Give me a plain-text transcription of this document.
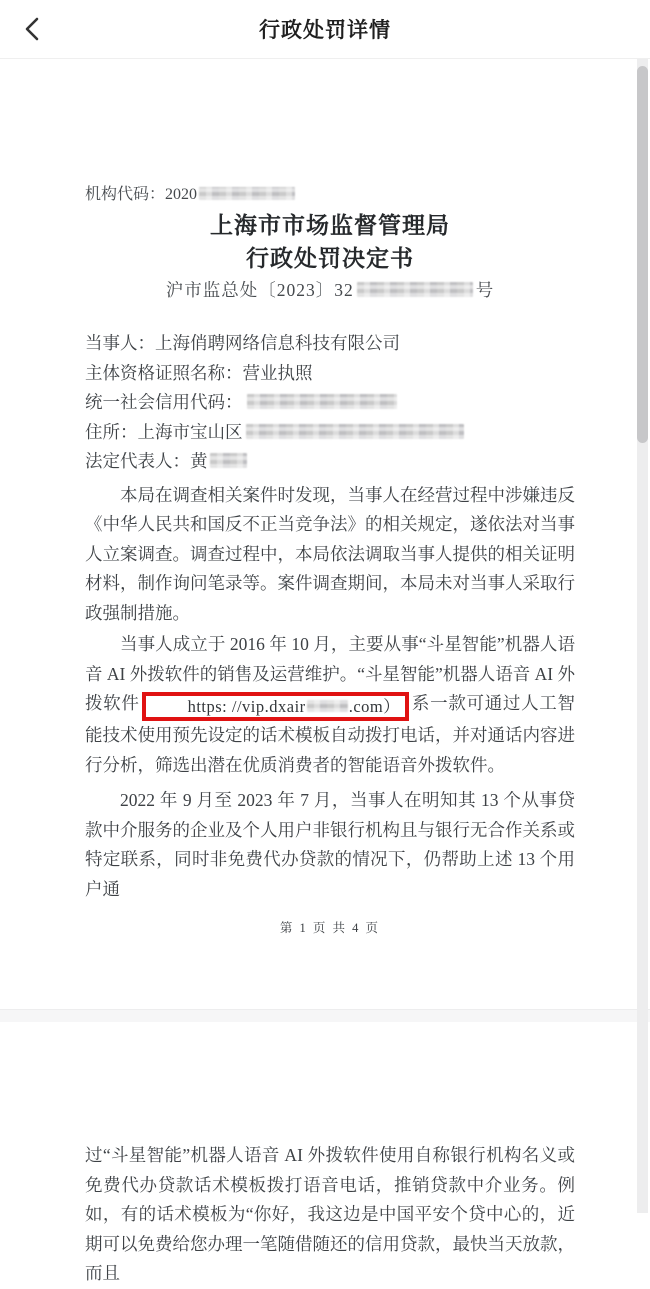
行政处罚详情
机构代码：2020
上海市市场监督管理局
行政处罚决定书
沪市监总处〔2023〕32	号
当事人：上海俏聘网络信息科技有限公司
主体资格证照名称：营业执照
统一社会信用代码：
住所：上海市宝山区
法定代表人：黄

本局在调查相关案件时发现，当事人在经营过程中涉嫌违反《中华人民共和国反不正当竞争法》的相关规定，遂依法对当事人立案调查。调查过程中，本局依法调取当事人提供的相关证明材料，制作询问笔录等。案件调查期间，本局未对当事人采取行政强制措施。

当事人成立于 2016 年 10 月，主要从事“斗星智能”机器人语音 AI 外拨软件的销售及运营维护。“斗星智能”机器人语音 AI 外拨软件	https: //vip.dxair	.com） 系一款可通过人工智能技术使用预先设定的话术模板自动拨打电话，并对通话内容进行分析，筛选出潜在优质消费者的智能语音外拨软件。

2022 年 9 月至 2023 年 7 月，当事人在明知其 13 个从事贷款中介服务的企业及个人用户非银行机构且与银行无合作关系或特定联系，同时非免费代办贷款的情况下，仍帮助上述 13 个用户通

第 1 页 共 4 页

过“斗星智能”机器人语音 AI 外拨软件使用自称银行机构名义或免费代办贷款话术模板拨打语音电话，推销贷款中介业务。例如，有的话术模板为“你好，我这边是中国平安个贷中心的，近期可以免费给您办理一笔随借随还的信用贷款，最快当天放款，而且
